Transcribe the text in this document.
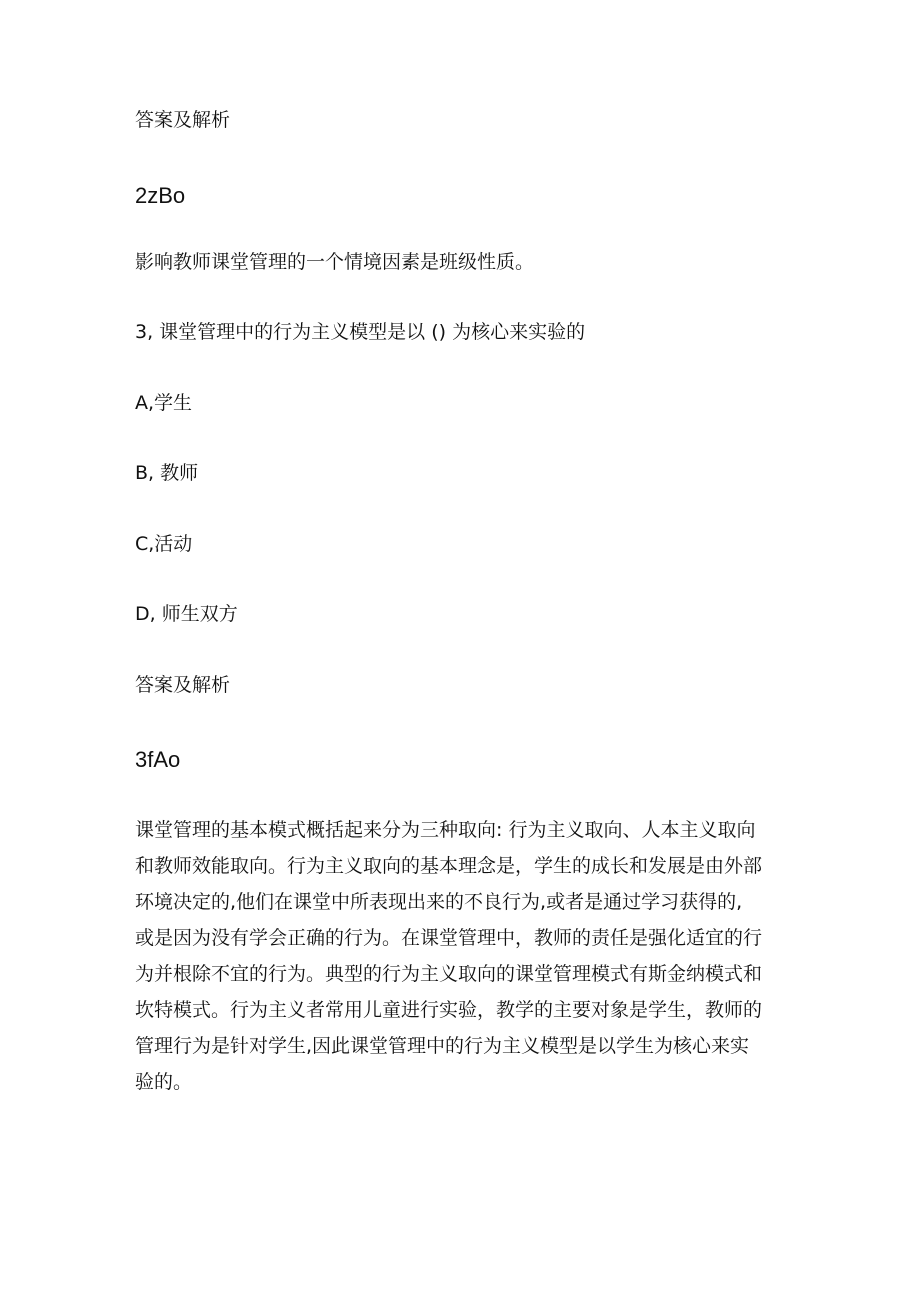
答案及解析
2zBo
影响教师课堂管理的一个情境因素是班级性质。
3, 课堂管理中的行为主义模型是以 () 为核心来实验的
A,学生
B, 教师
C,活动
D, 师生双方
答案及解析
3fAo
课堂管理的基本模式概括起来分为三种取向: 行为主义取向、人本主义取向
和教师效能取向。行为主义取向的基本理念是，学生的成长和发展是由外部
环境决定的,他们在课堂中所表现出来的不良行为,或者是通过学习获得的,
或是因为没有学会正确的行为。在课堂管理中，教师的责任是强化适宜的行
为并根除不宜的行为。典型的行为主义取向的课堂管理模式有斯金纳模式和
坎特模式。行为主义者常用儿童进行实验，教学的主要对象是学生，教师的
管理行为是针对学生,因此课堂管理中的行为主义模型是以学生为核心来实
验的。
